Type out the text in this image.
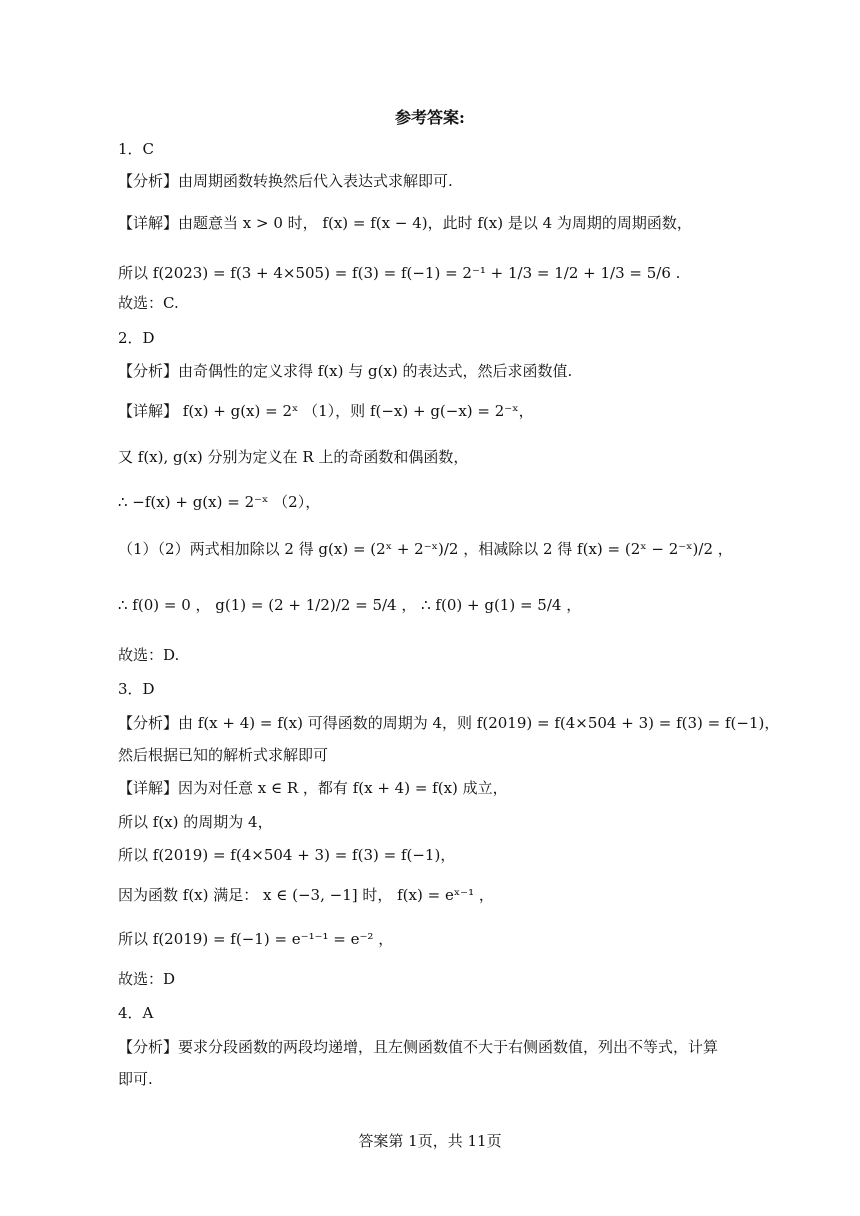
参考答案:
1．C
【分析】由周期函数转换然后代入表达式求解即可.
【详解】由题意当 x > 0 时， f(x) = f(x − 4)，此时 f(x) 是以 4 为周期的周期函数，
所以 f(2023) = f(3 + 4×505) = f(3) = f(−1) = 2⁻¹ + 1/3 = 1/2 + 1/3 = 5/6 .
故选：C.
2．D
【分析】由奇偶性的定义求得 f(x) 与 g(x) 的表达式，然后求函数值.
【详解】 f(x) + g(x) = 2ˣ （1），则 f(−x) + g(−x) = 2⁻ˣ，
又 f(x), g(x) 分别为定义在 R 上的奇函数和偶函数，
∴ −f(x) + g(x) = 2⁻ˣ （2），
（1）（2）两式相加除以 2 得 g(x) = (2ˣ + 2⁻ˣ)/2 ，相减除以 2 得 f(x) = (2ˣ − 2⁻ˣ)/2 ，
∴ f(0) = 0 ， g(1) = (2 + 1/2)/2 = 5/4 ， ∴ f(0) + g(1) = 5/4 ，
故选：D.
3．D
【分析】由 f(x + 4) = f(x) 可得函数的周期为 4，则 f(2019) = f(4×504 + 3) = f(3) = f(−1)，
然后根据已知的解析式求解即可
【详解】因为对任意 x ∈ R ，都有 f(x + 4) = f(x) 成立，
所以 f(x) 的周期为 4，
所以 f(2019) = f(4×504 + 3) = f(3) = f(−1)，
因为函数 f(x) 满足： x ∈ (−3, −1] 时， f(x) = eˣ⁻¹ ，
所以 f(2019) = f(−1) = e⁻¹⁻¹ = e⁻² ，
故选：D
4．A
【分析】要求分段函数的两段均递增，且左侧函数值不大于右侧函数值，列出不等式，计算
即可.
答案第 1页，共 11页
